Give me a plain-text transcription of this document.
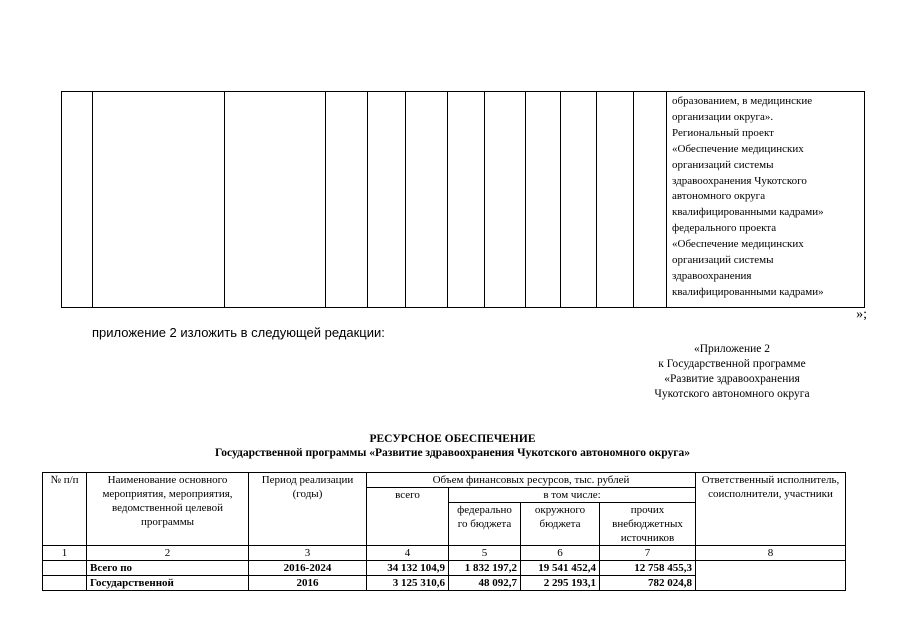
образованием, в медицинские
организации округа».
Региональный проект
«Обеспечение медицинских
организаций системы
здравоохранения Чукотского
автономного округа
квалифицированными кадрами»
федерального проекта
«Обеспечение медицинских
организаций системы
здравоохранения
квалифицированными кадрами»
»;
приложение 2 изложить в следующей редакции:
«Приложение 2
к Государственной программе
«Развитие здравоохранения
Чукотского автономного округа
РЕСУРСНОЕ ОБЕСПЕЧЕНИЕ
Государственной программы «Развитие здравоохранения Чукотского автономного округа»
№ п/п	Наименование основного мероприятия, мероприятия, ведомственной целевой программы	Период реализации (годы)	Объем финансовых ресурсов, тыс. рублей				Ответственный исполнитель, соисполнители, участники
			всего	в том числе:			
				федерально го бюджета	окружного бюджета	прочих внебюджетных источников	
1	2	3	4	5	6	7	8
	Всего по	2016-2024	34 132 104,9	1 832 197,2	19 541 452,4	12 758 455,3	
	Государственной	2016	3 125 310,6	48 092,7	2 295 193,1	782 024,8	
